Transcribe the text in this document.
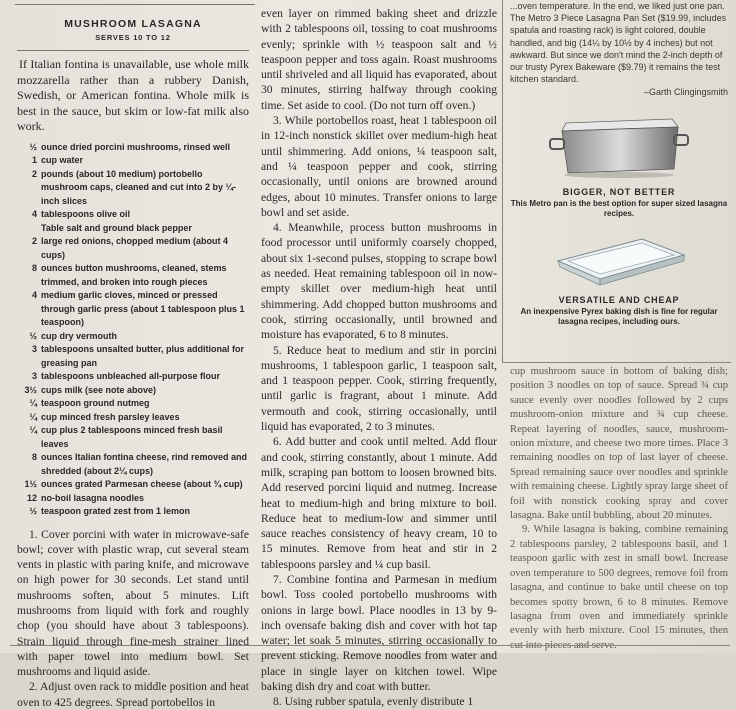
MUSHROOM LASAGNA
SERVES 10 TO 12

If Italian fontina is unavailable, use whole milk mozzarella rather than a rubbery Danish, Swedish, or American fontina. Whole milk is best in the sauce, but skim or low-fat milk also work.

½ ounce dried porcini mushrooms, rinsed well
1 cup water
2 pounds (about 10 medium) portobello mushroom caps, cleaned and cut into 2 by ¼-inch slices
4 tablespoons olive oil
Table salt and ground black pepper
2 large red onions, chopped medium (about 4 cups)
8 ounces button mushrooms, cleaned, stems trimmed, and broken into rough pieces
4 medium garlic cloves, minced or pressed through garlic press (about 1 tablespoon plus 1 teaspoon)
½ cup dry vermouth
3 tablespoons unsalted butter, plus additional for greasing pan
3 tablespoons unbleached all-purpose flour
3½ cups milk (see note above)
¼ teaspoon ground nutmeg
¼ cup minced fresh parsley leaves
¼ cup plus 2 tablespoons minced fresh basil leaves
8 ounces Italian fontina cheese, rind removed and shredded (about 2¼ cups)
1½ ounces grated Parmesan cheese (about ¾ cup)
12 no-boil lasagna noodles
½ teaspoon grated zest from 1 lemon

1. Cover porcini with water in microwave-safe bowl; cover with plastic wrap, cut several steam vents in plastic with paring knife, and microwave on high power for 30 seconds. Let stand until mushrooms soften, about 5 minutes. Lift mushrooms from liquid with fork and roughly chop (you should have about 3 tablespoons). Strain liquid through fine-mesh strainer lined with paper towel into medium bowl. Set mushrooms and liquid aside.

2. Adjust oven rack to middle position and heat oven to 425 degrees. Spread portobellos in

even layer on rimmed baking sheet and drizzle with 2 tablespoons oil, tossing to coat mushrooms evenly; sprinkle with ½ teaspoon salt and ½ teaspoon pepper and toss again. Roast mushrooms until shriveled and all liquid has evaporated, about 30 minutes, stirring halfway through cooking time. Set aside to cool. (Do not turn off oven.)

3. While portobellos roast, heat 1 tablespoon oil in 12-inch nonstick skillet over medium-high heat until shimmering. Add onions, ¼ teaspoon salt, and ¼ teaspoon pepper and cook, stirring occasionally, until onions are browned around edges, about 10 minutes. Transfer onions to large bowl and set aside.

4. Meanwhile, process button mushrooms in food processor until uniformly coarsely chopped, about six 1-second pulses, stopping to scrape bowl as needed. Heat remaining tablespoon oil in now-empty skillet over medium-high heat until shimmering. Add chopped button mushrooms and cook, stirring occasionally, until browned and moisture has evaporated, 6 to 8 minutes.

5. Reduce heat to medium and stir in porcini mushrooms, 1 tablespoon garlic, 1 teaspoon salt, and 1 teaspoon pepper. Cook, stirring frequently, until garlic is fragrant, about 1 minute. Add vermouth and cook, stirring occasionally, until liquid has evaporated, 2 to 3 minutes.

6. Add butter and cook until melted. Add flour and cook, stirring constantly, about 1 minute. Add milk, scraping pan bottom to loosen browned bits. Add reserved porcini liquid and nutmeg. Increase heat to medium-high and bring mixture to boil. Reduce heat to medium-low and simmer until sauce reaches consistency of heavy cream, 10 to 15 minutes. Remove from heat and stir in 2 tablespoons parsley and ¼ cup basil.

7. Combine fontina and Parmesan in medium bowl. Toss cooled portobello mushrooms with onions in large bowl. Place noodles in 13 by 9-inch ovensafe baking dish and cover with hot tap water; let soak 5 minutes, stirring occasionally to prevent sticking. Remove noodles from water and place in single layer on kitchen towel. Wipe baking dish dry and coat with butter.

8. Using rubber spatula, evenly distribute 1

...oven temperature. In the end, we liked just one pan. The Metro 3 Piece Lasagna Pan Set ($19.99, includes spatula and roasting rack) is light colored, double handled, and big (14¼ by 10½ by 4 inches) but not awkward. But since we don't mind the 2-inch depth of our trusty Pyrex Bakeware ($9.79) it remains the test kitchen standard.
–Garth Clingingsmith
BIGGER, NOT BETTER
This Metro pan is the best option for super sized lasagna recipes.
VERSATILE AND CHEAP
An inexpensive Pyrex baking dish is fine for regular lasagna recipes, including ours.

cup mushroom sauce in bottom of baking dish; position 3 noodles on top of sauce. Spread ¾ cup sauce evenly over noodles followed by 2 cups mushroom-onion mixture and ¾ cup cheese. Repeat layering of noodles, sauce, mushroom-onion mixture, and cheese two more times. Place 3 remaining noodles on top of last layer of cheese. Spread remaining sauce over noodles and sprinkle with remaining cheese. Lightly spray large sheet of foil with nonstick cooking spray and cover lasagna. Bake until bubbling, about 20 minutes.

9. While lasagna is baking, combine remaining 2 tablespoons parsley, 2 tablespoons basil, and 1 teaspoon garlic with zest in small bowl. Increase oven temperature to 500 degrees, remove foil from lasagna, and continue to bake until cheese on top becomes spotty brown, 6 to 8 minutes. Remove lasagna from oven and immediately sprinkle evenly with herb mixture. Cool 15 minutes, then cut into pieces and serve.
